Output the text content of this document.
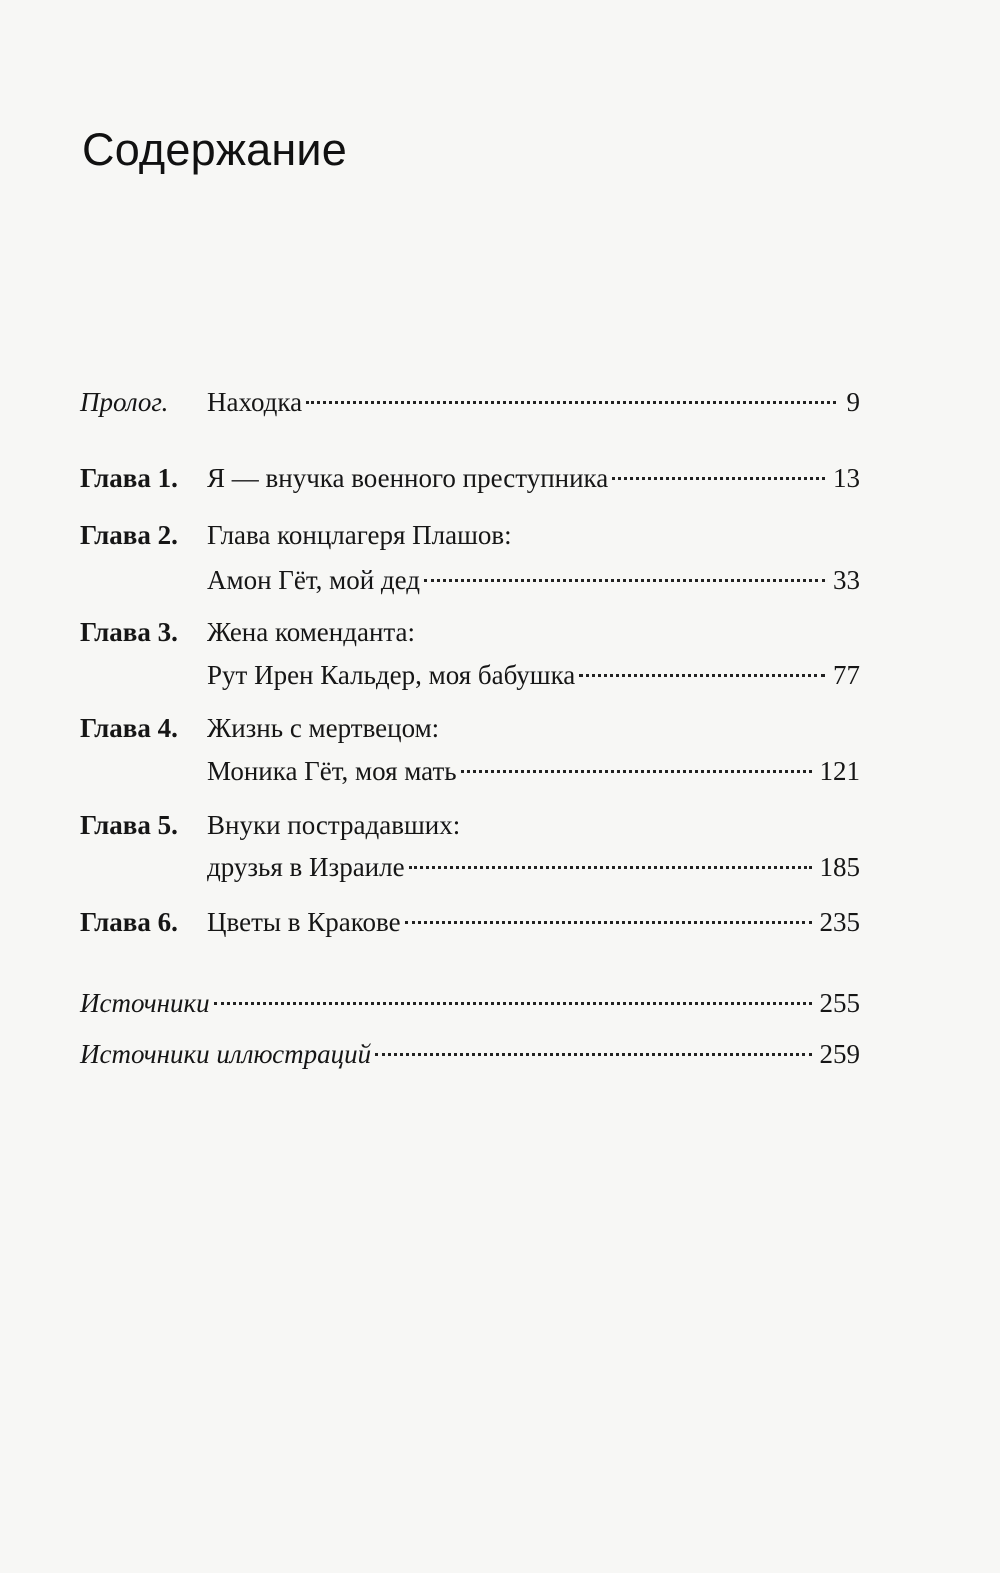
Содержание
Пролог. Находка	9
Глава 1. Я — внучка военного преступника	13
Глава 2. Глава концлагеря Плашов:
Амон Гёт, мой дед	33
Глава 3. Жена коменданта:
Рут Ирен Кальдер, моя бабушка	77
Глава 4. Жизнь с мертвецом:
Моника Гёт, моя мать	121
Глава 5. Внуки пострадавших:
друзья в Израиле	185
Глава 6. Цветы в Кракове	235
Источники	255
Источники иллюстраций	259
